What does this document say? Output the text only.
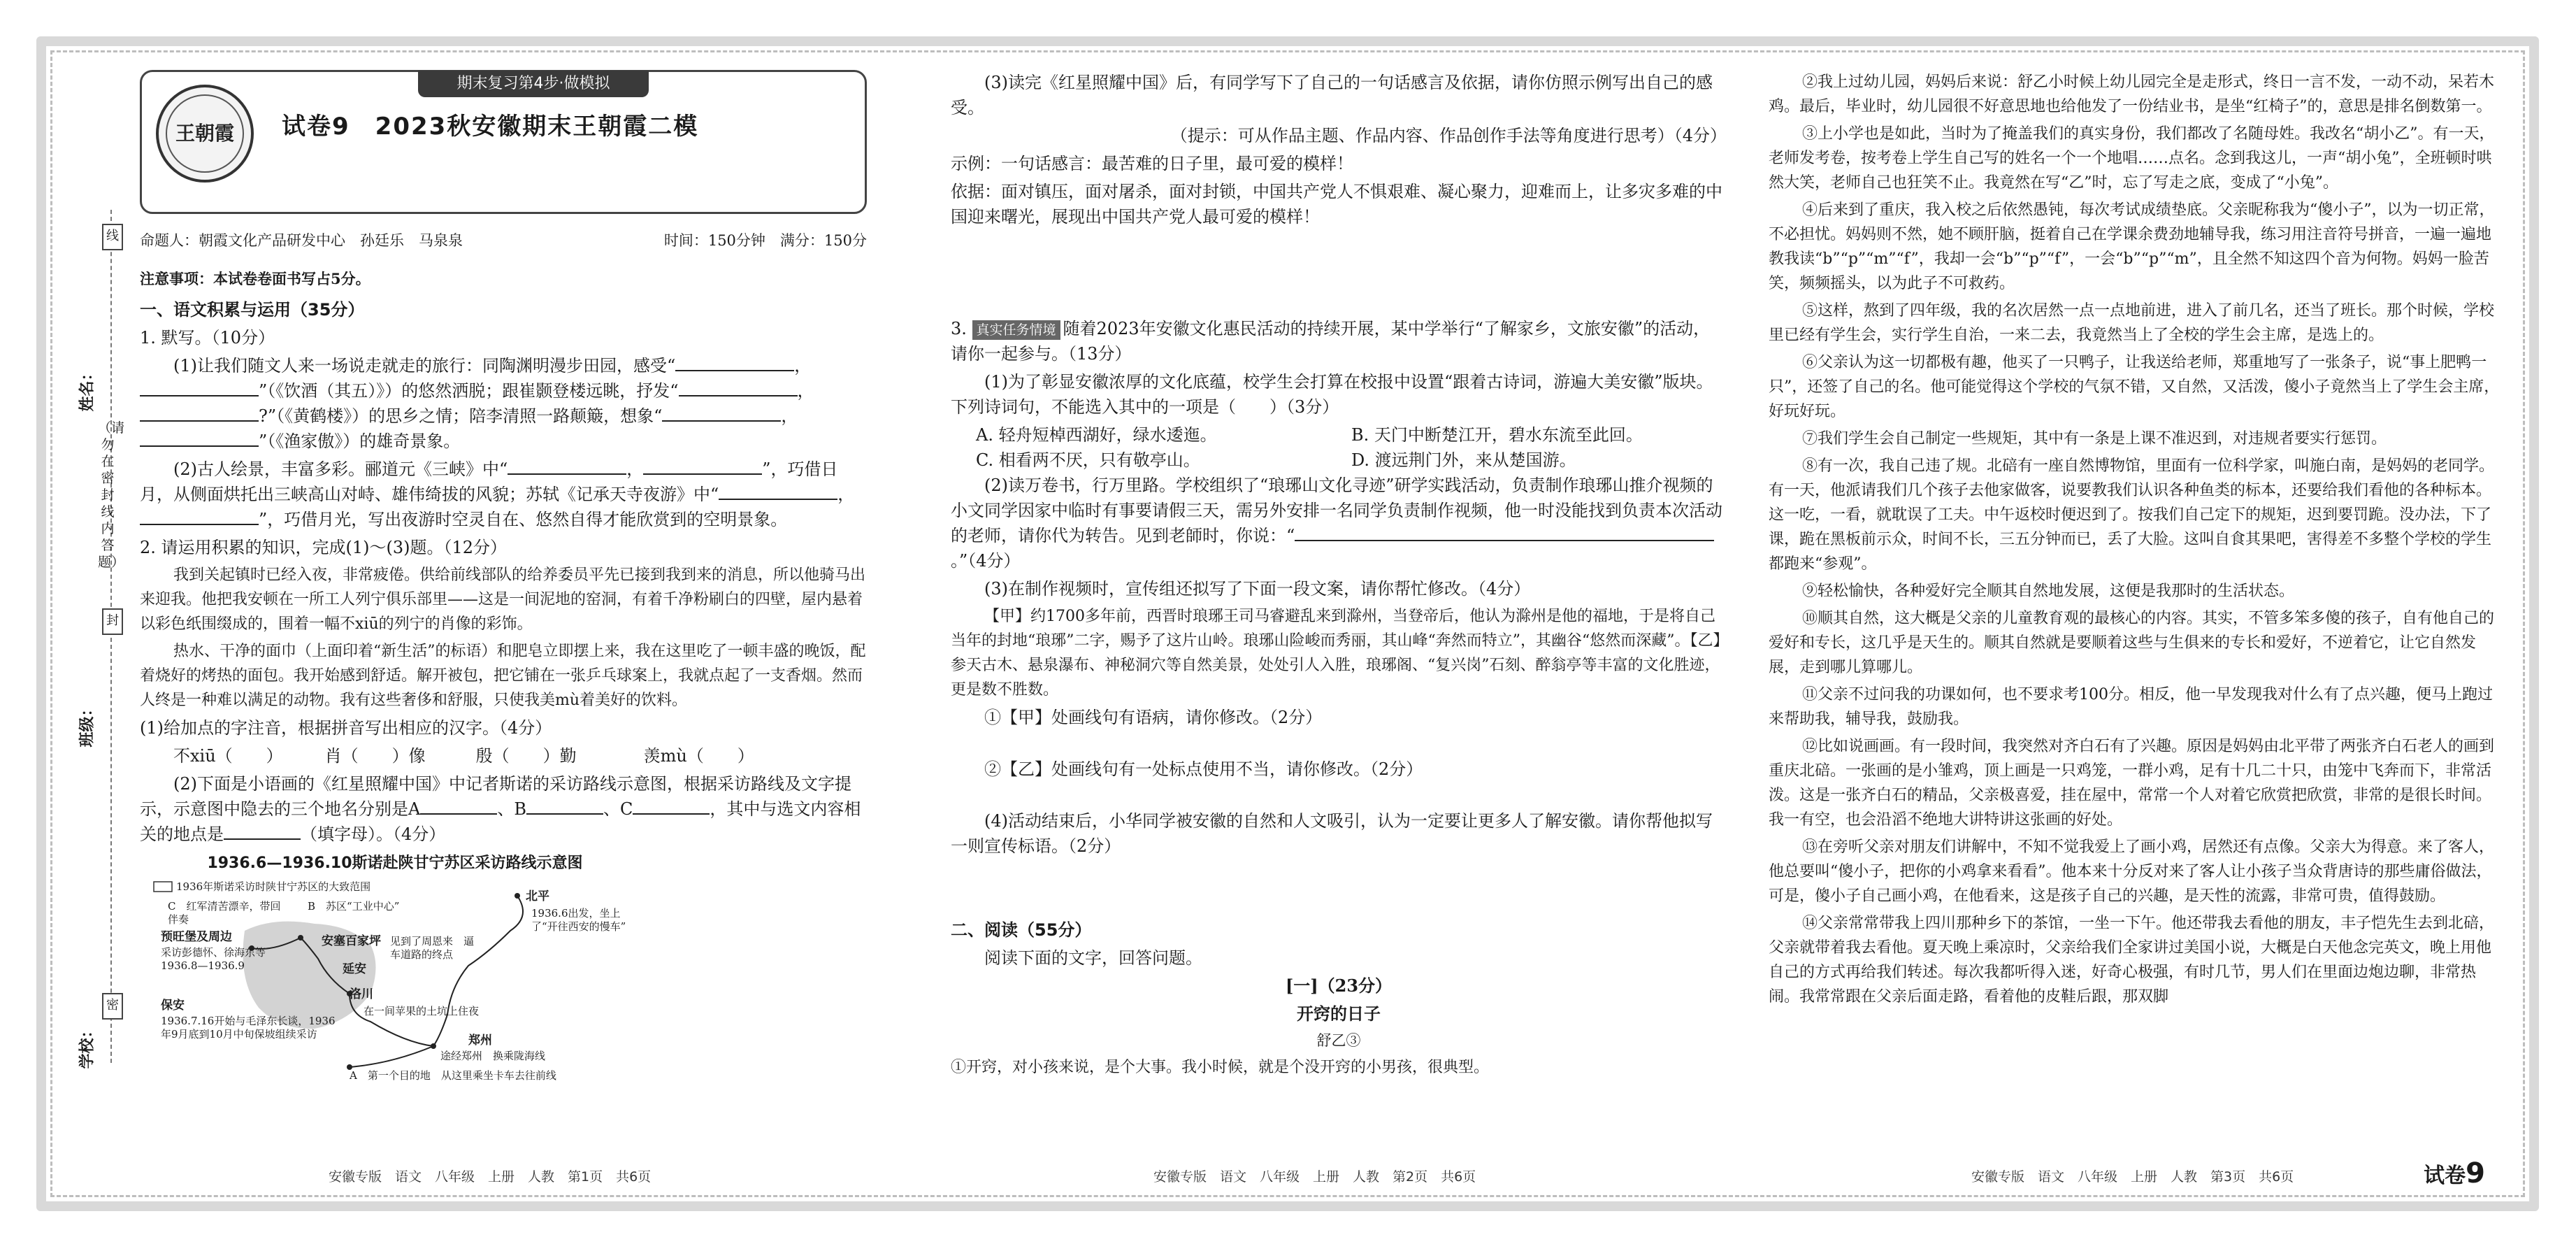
线
封
密
（请勿在密封线内答题）
姓名：
班级：
学校：
期末复习第4步·做模拟
王朝霞	试卷9　2023秋安徽期末王朝霞二模
命题人：朝霞文化产品研发中心　孙廷乐　马泉泉	时间：150分钟　满分：150分
注意事项：本试卷卷面书写占5分。
一、语文积累与运用（35分）
1. 默写。（10分）
(1)让我们随文人来一场说走就走的旅行：同陶渊明漫步田园，感受“	，”（《饮酒（其五）》）的悠然洒脱；跟崔颢登楼远眺，抒发“	，?”（《黄鹤楼》）的思乡之情；陪李清照一路颠簸，想象“	，”（《渔家傲》）的雄奇景象。
(2)古人绘景，丰富多彩。郦道元《三峡》中“	，	”，巧借日月，从侧面烘托出三峡高山对峙、雄伟绮拔的风貌；苏轼《记承天寺夜游》中“	，”，巧借月光，写出夜游时空灵自在、悠然自得才能欣赏到的空明景象。
2. 请运用积累的知识，完成(1)～(3)题。（12分）
我到关起镇时已经入夜，非常疲倦。供给前线部队的给养委员平先已接到我到来的消息，所以他骑马出来迎我。他把我安顿在一所工人列宁俱乐部里——这是一间泥地的窑洞，有着千净粉刷白的四壁，屋内悬着以彩色纸围缀成的，围着一幅不xiū的列宁的肖像的彩饰。
热水、干净的面巾（上面印着“新生活”的标语）和肥皂立即摆上来，我在这里吃了一顿丰盛的晚饭，配着烧好的烤热的面包。我开始感到舒适。解开被包，把它铺在一张乒乓球案上，我就点起了一支香烟。然而人终是一种难以满足的动物。我有这些奢侈和舒服，只使我美mù着美好的饮料。
(1)给加点的字注音，根据拼音写出相应的汉字。（4分）
不xiū（　　）　　　肖（　　）像　　　殷（　　）勤　　　　羡mù（　　）
(2)下面是小语画的《红星照耀中国》中记者斯诺的采访路线示意图，根据采访路线及文字提示，示意图中隐去的三个地名分别是A	、B	、C	，其中与选文内容相关的地点是	（填字母）。（4分）
1936.6—1936.10斯诺赴陕甘宁苏区采访路线示意图
1936年斯诺采访时陕甘宁苏区的大致范围
C　红军清苦漂辛，带回伴奏
B　苏区“工业中心”
安塞百家坪 见到了周恩来　逼车道路的终点
延安
洛川
在一间苹果的土坑上住夜
预旺堡及周边
采访彭德怀、徐海东等　1936.8—1936.9
保安
1936.7.16开始与毛泽东长谈，1936年9月底到10月中旬保坡组续采访
北平
1936.6出发，坐上了“开往西安的慢车”
郑州
途经郑州　换乘陇海线
A　第一个目的地　从这里乘坐卡车去往前线
(3)读完《红星照耀中国》后，有同学写下了自己的一句话感言及依据，请你仿照示例写出自己的感受。
（提示：可从作品主题、作品内容、作品创作手法等角度进行思考）（4分）
示例：一句话感言：最苦难的日子里，最可爱的模样！
依据：面对镇压，面对屠杀，面对封锁，中国共产党人不惧艰难、凝心聚力，迎难而上，让多灾多难的中国迎来曙光，展现出中国共产党人最可爱的模样！
3. 真实任务情境 随着2023年安徽文化惠民活动的持续开展，某中学举行“了解家乡，文旅安徽”的活动，请你一起参与。（13分）
(1)为了彰显安徽浓厚的文化底蕴，校学生会打算在校报中设置“跟着古诗词，游遍大美安徽”版块。下列诗词句，不能选入其中的一项是（　　）（3分）
A. 轻舟短棹西湖好，绿水逶迤。	B. 天门中断楚江开，碧水东流至此回。
C. 相看两不厌，只有敬亭山。	D. 渡远荆门外，来从楚国游。
(2)读万卷书，行万里路。学校组织了“琅琊山文化寻迹”研学实践活动，负责制作琅琊山推介视频的小文同学因家中临时有事要请假三天，需另外安排一名同学负责制作视频，他一时没能找到负责本次活动的老师，请你代为转告。见到老師时，你说：“。”（4分）
(3)在制作视频时，宣传组还拟写了下面一段文案，请你帮忙修改。（4分）
【甲】约1700多年前，西晋时琅琊王司马睿避乱来到滁州，当登帝后，他认为滁州是他的福地，于是将自己当年的封地“琅琊”二字，赐予了这片山岭。琅琊山险峻而秀丽，其山峰“奔然而特立”，其幽谷“悠然而深藏”。【乙】参天古木、悬泉瀑布、神秘洞穴等自然美景，处处引人入胜，琅琊阁、“复兴岗”石刻、醉翁亭等丰富的文化胜迹，更是数不胜数。
①【甲】处画线句有语病，请你修改。（2分）
②【乙】处画线句有一处标点使用不当，请你修改。（2分）
(4)活动结束后，小华同学被安徽的自然和人文吸引，认为一定要让更多人了解安徽。请你帮他拟写一则宣传标语。（2分）
二、阅读（55分）
阅读下面的文字，回答问题。
[一]（23分）
开窍的日子
舒乙③
①开窍，对小孩来说，是个大事。我小时候，就是个没开窍的小男孩，很典型。
②我上过幼儿园，妈妈后来说：舒乙小时候上幼儿园完全是走形式，终日一言不发，一动不动，呆若木鸡。最后，毕业时，幼儿园很不好意思地也给他发了一份结业书，是坐“红椅子”的，意思是排名倒数第一。
③上小学也是如此，当时为了掩盖我们的真实身份，我们都改了名随母姓。我改名“胡小乙”。有一天，老师发考卷，按考卷上学生自己写的姓名一个一个地唱……点名。念到我这儿，一声“胡小兔”，全班顿时哄然大笑，老师自己也狂笑不止。我竟然在写“乙”时，忘了写走之底，变成了“小兔”。
④后来到了重庆，我入校之后依然愚钝，每次考试成绩垫底。父亲昵称我为“傻小子”，以为一切正常，不必担忧。妈妈则不然，她不顾肝脑，挺着自己在学课余费劲地辅导我，练习用注音符号拼音，一遍一遍地教我读“b”“p”“m”“f”，我却一会“b”“p”“f”，一会“b”“p”“m”，且全然不知这四个音为何物。妈妈一脸苦笑，频频摇头，以为此子不可救药。
⑤这样，熬到了四年级，我的名次居然一点一点地前进，进入了前几名，还当了班长。那个时候，学校里已经有学生会，实行学生自治，一来二去，我竟然当上了全校的学生会主席，是选上的。
⑥父亲认为这一切都极有趣，他买了一只鸭子，让我送给老师，郑重地写了一张条子，说“事上肥鸭一只”，还签了自己的名。他可能觉得这个学校的气氛不错，又自然，又活泼，傻小子竟然当上了学生会主席，好玩好玩。
⑦我们学生会自己制定一些规矩，其中有一条是上课不准迟到，对违规者要实行惩罚。
⑧有一次，我自己违了规。北碚有一座自然博物馆，里面有一位科学家，叫施白南，是妈妈的老同学。有一天，他派请我们几个孩子去他家做客，说要教我们认识各种鱼类的标本，还要给我们看他的各种标本。这一吃，一看，就耽误了工夫。中午返校时便迟到了。按我们自己定下的规矩，迟到要罚跪。没办法，下了课，跪在黑板前示众，时间不长，三五分钟而已，丢了大脸。这叫自食其果吧，害得差不多整个学校的学生都跑来“参观”。
⑨轻松愉快，各种爱好完全顺其自然地发展，这便是我那时的生活状态。
⑩顺其自然，这大概是父亲的儿童教育观的最核心的内容。其实，不管多笨多傻的孩子，自有他自己的爱好和专长，这几乎是天生的。顺其自然就是要顺着这些与生俱来的专长和爱好，不逆着它，让它自然发展，走到哪儿算哪儿。
⑪父亲不过问我的功课如何，也不要求考100分。相反，他一早发现我对什么有了点兴趣，便马上跑过来帮助我，辅导我，鼓励我。
⑫比如说画画。有一段时间，我突然对齐白石有了兴趣。原因是妈妈由北平带了两张齐白石老人的画到重庆北碚。一张画的是小雏鸡，顶上画是一只鸡笼，一群小鸡，足有十几二十只，由笼中飞奔而下，非常活泼。这是一张齐白石的精品，父亲极喜爱，挂在屋中，常常一个人对着它欣赏把欣赏，非常的是很长时间。我一有空，也会沿滔不绝地大讲特讲这张画的好处。
⑬在旁听父亲对朋友们讲解中，不知不觉我爱上了画小鸡，居然还有点像。父亲大为得意。来了客人，他总要叫“傻小子，把你的小鸡拿来看看”。他本来十分反对来了客人让小孩子当众背唐诗的那些庸俗做法，可是，傻小子自己画小鸡，在他看来，这是孩子自己的兴趣，是天性的流露，非常可贵，值得鼓励。
⑭父亲常常带我上四川那种乡下的茶馆，一坐一下午。他还带我去看他的朋友，丰子恺先生去到北碚，父亲就带着我去看他。夏天晚上乘凉时，父亲给我们全家讲过美国小说，大概是白天他念完英文，晚上用他自己的方式再给我们转述。每次我都听得入迷，好奇心极强，有时几节，男人们在里面边炮边聊，非常热闹。我常常跟在父亲后面走路，看着他的皮鞋后跟，那双脚
安徽专版　语文　八年级　上册　人教　第1页　共6页	安徽专版　语文　八年级　上册　人教　第2页　共6页	安徽专版　语文　八年级　上册　人教　第3页　共6页	试卷9
